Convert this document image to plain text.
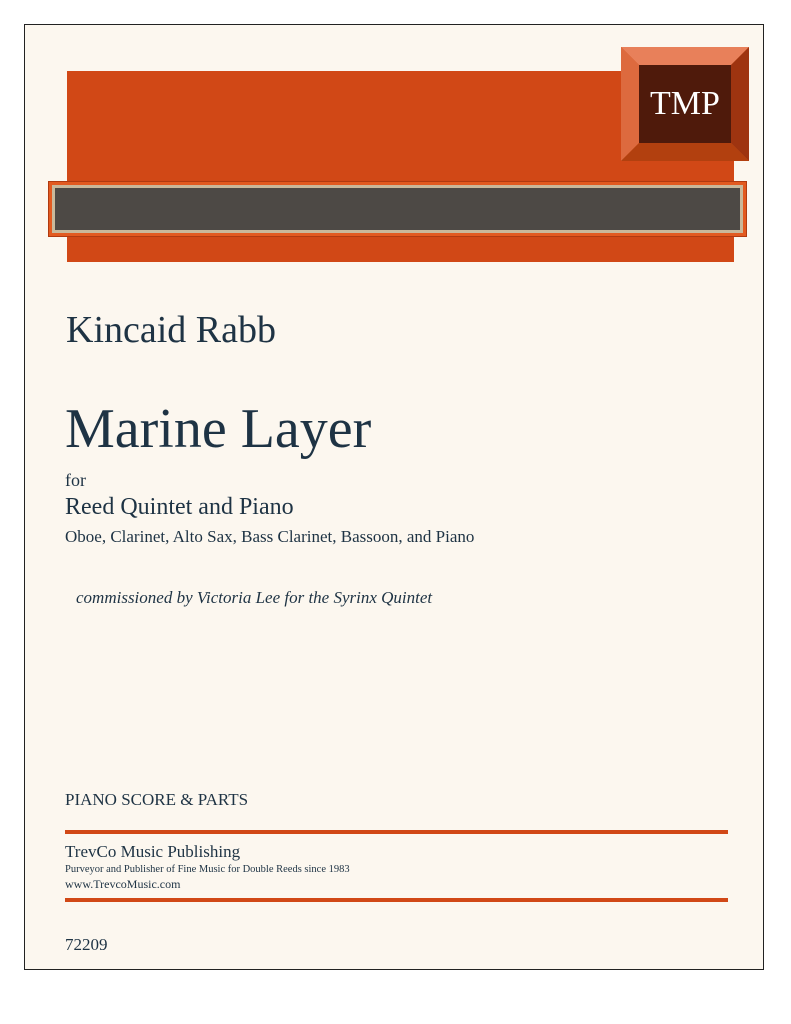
TMP
Kincaid Rabb
Marine Layer
for
Reed Quintet and Piano
Oboe, Clarinet, Alto Sax, Bass Clarinet, Bassoon, and Piano
commissioned by Victoria Lee for the Syrinx Quintet
PIANO SCORE & PARTS
TrevCo Music Publishing
Purveyor and Publisher of Fine Music for Double Reeds since 1983
www.TrevcoMusic.com
72209
